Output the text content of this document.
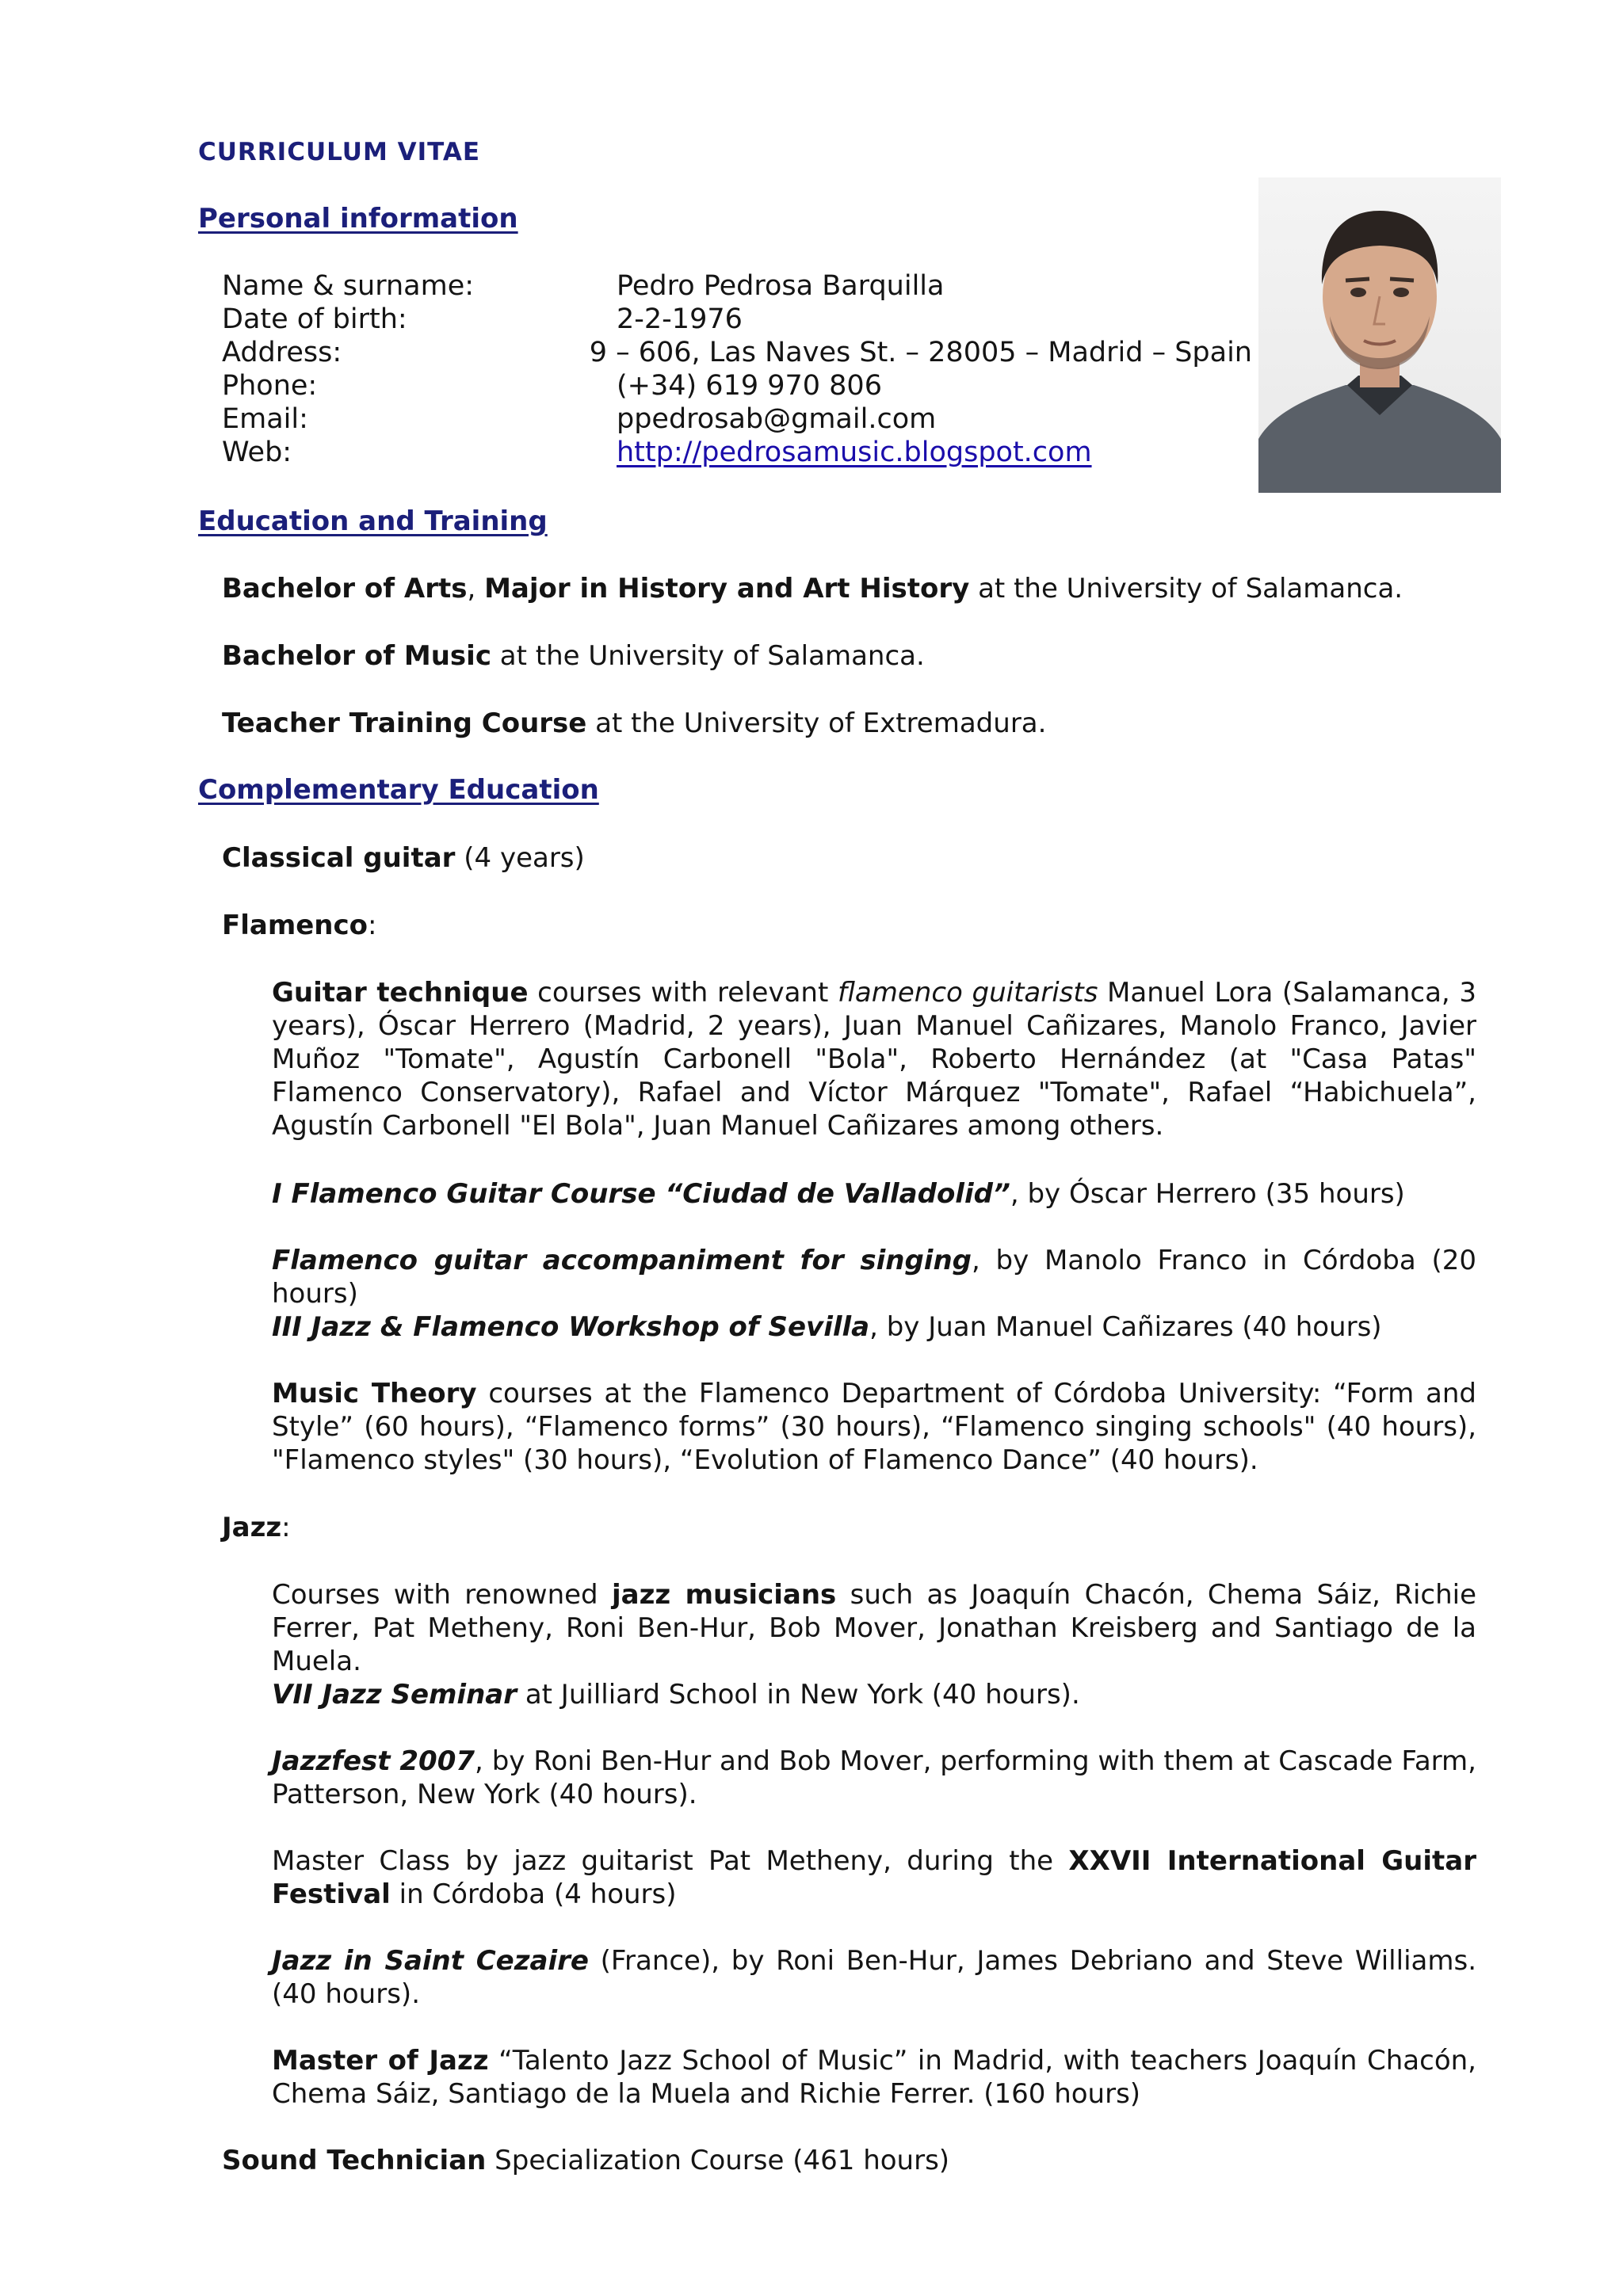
CURRICULUM VITAE
Personal information
Name & surname:	Pedro Pedrosa Barquilla
Date of birth:	2-2-1976
Address:	9 – 606, Las Naves St. – 28005 – Madrid – Spain
Phone:	(+34) 619 970 806
Email:	ppedrosab@gmail.com
Web:	http://pedrosamusic.blogspot.com
Education and Training
Bachelor of Arts, Major in History and Art History at the University of Salamanca.
Bachelor of Music at the University of Salamanca.
Teacher Training Course at the University of Extremadura.
Complementary Education
Classical guitar (4 years)
Flamenco:
Guitar technique courses with relevant flamenco guitarists Manuel Lora (Salamanca, 3 years), Óscar Herrero (Madrid, 2 years), Juan Manuel Cañizares, Manolo Franco, Javier Muñoz "Tomate", Agustín Carbonell "Bola", Roberto Hernández (at "Casa Patas" Flamenco Conservatory), Rafael and Víctor Márquez "Tomate", Rafael “Habichuela”, Agustín Carbonell "El Bola", Juan Manuel Cañizares among others.
I Flamenco Guitar Course “Ciudad de Valladolid”, by Óscar Herrero (35 hours)
Flamenco guitar accompaniment for singing, by Manolo Franco in Córdoba (20 hours)
III Jazz & Flamenco Workshop of Sevilla, by Juan Manuel Cañizares (40 hours)
Music Theory courses at the Flamenco Department of Córdoba University: “Form and Style” (60 hours), “Flamenco forms” (30 hours), “Flamenco singing schools" (40 hours), "Flamenco styles" (30 hours), “Evolution of Flamenco Dance” (40 hours).
Jazz:
Courses with renowned jazz musicians such as Joaquín Chacón, Chema Sáiz, Richie Ferrer, Pat Metheny, Roni Ben-Hur, Bob Mover, Jonathan Kreisberg and Santiago de la Muela.
VII Jazz Seminar at Juilliard School in New York (40 hours).
Jazzfest 2007, by Roni Ben-Hur and Bob Mover, performing with them at Cascade Farm, Patterson, New York (40 hours).
Master Class by jazz guitarist Pat Metheny, during the XXVII International Guitar Festival in Córdoba (4 hours)
Jazz in Saint Cezaire (France), by Roni Ben-Hur, James Debriano and Steve Williams. (40 hours).
Master of Jazz “Talento Jazz School of Music” in Madrid, with teachers Joaquín Chacón, Chema Sáiz, Santiago de la Muela and Richie Ferrer. (160 hours)
Sound Technician Specialization Course (461 hours)
